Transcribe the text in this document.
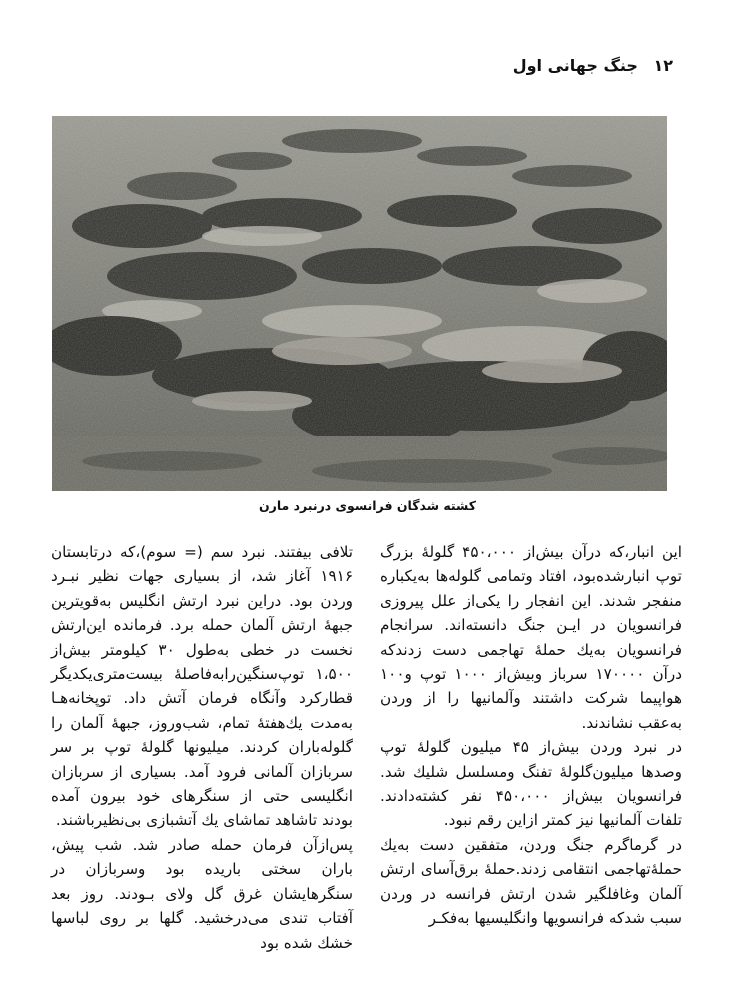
۱۲ جنگ جهانی اول
کشته شدگان فرانسوی درنبرد مارن

این انبار،که درآن بیش‌از ۴۵۰،۰۰۰ گلولهٔ بزرگ توپ انبارشده‌بود، افتاد وتمامی گلوله‌ها به‌یکباره منفجر شدند. این انفجار را یکی‌از علل پیروزی فرانسویان در ایـن جنگ دانسته‌اند. سرانجام فرانسویان به‌یك حملهٔ تهاجمی دست زدندکه درآن ۱۷۰۰۰۰ سرباز وبیش‌از ۱۰۰۰ توپ و۱۰۰ هواپیما شرکت داشتند وآلمانیها را از وردن به‌عقب نشاندند.

در نبرد وردن بیش‌از ۴۵ میلیون گلولهٔ توپ وصدها میلیون‌گلولهٔ تفنگ ومسلسل شلیك شد. فرانسویان بیش‌از ۴۵۰،۰۰۰ نفر کشته‌دادند. تلفات آلمانیها نیز کمتر ازاین رقم نبود.

در گرماگرم جنگ وردن، متفقین دست به‌یك حملهٔ‌تهاجمی انتقامی زدند.حملهٔ برق‌آسای ارتش آلمان وغافلگیر شدن ارتش فرانسه در وردن سبب شدکه فرانسویها وانگلیسیها به‌فکـر

تلافی بیفتند. نبرد سم (= سوم)،که درتابستان ۱۹۱۶ آغاز شد، از بسیاری جهات نظیر نبـرد وردن بود. دراین نبرد ارتش انگلیس به‌قویترین جبههٔ ارتش آلمان حمله برد. فرمانده این‌ارتش نخست در خطی به‌طول ۳۰ کیلومتر بیش‌از ۱،۵۰۰ توپ‌سنگین‌رابه‌فاصلهٔ بیست‌متری‌یکدیگر قطارکرد وآنگاه فرمان آتش داد. توپخانه‌هـا به‌مدت یك‌هفتهٔ تمام، شب‌وروز، جبههٔ آلمان را گلوله‌باران کردند. میلیونها گلولهٔ توپ بر سر سربازان آلمانی فرود آمد. بسیاری از سربازان انگلیسی حتی از سنگرهای خود بیرون آمده بودند تاشاهد تماشای یك آتشبازی بی‌نظیرباشند.

پس‌ازآن فرمان حمله صادر شد. شب پیش، باران سختی باریده بود وسربازان در سنگرهایشان غرق گل ولای بـودند. روز بعد آفتاب تندی می‌درخشید. گلها بر روی لباسها خشك شده بود
